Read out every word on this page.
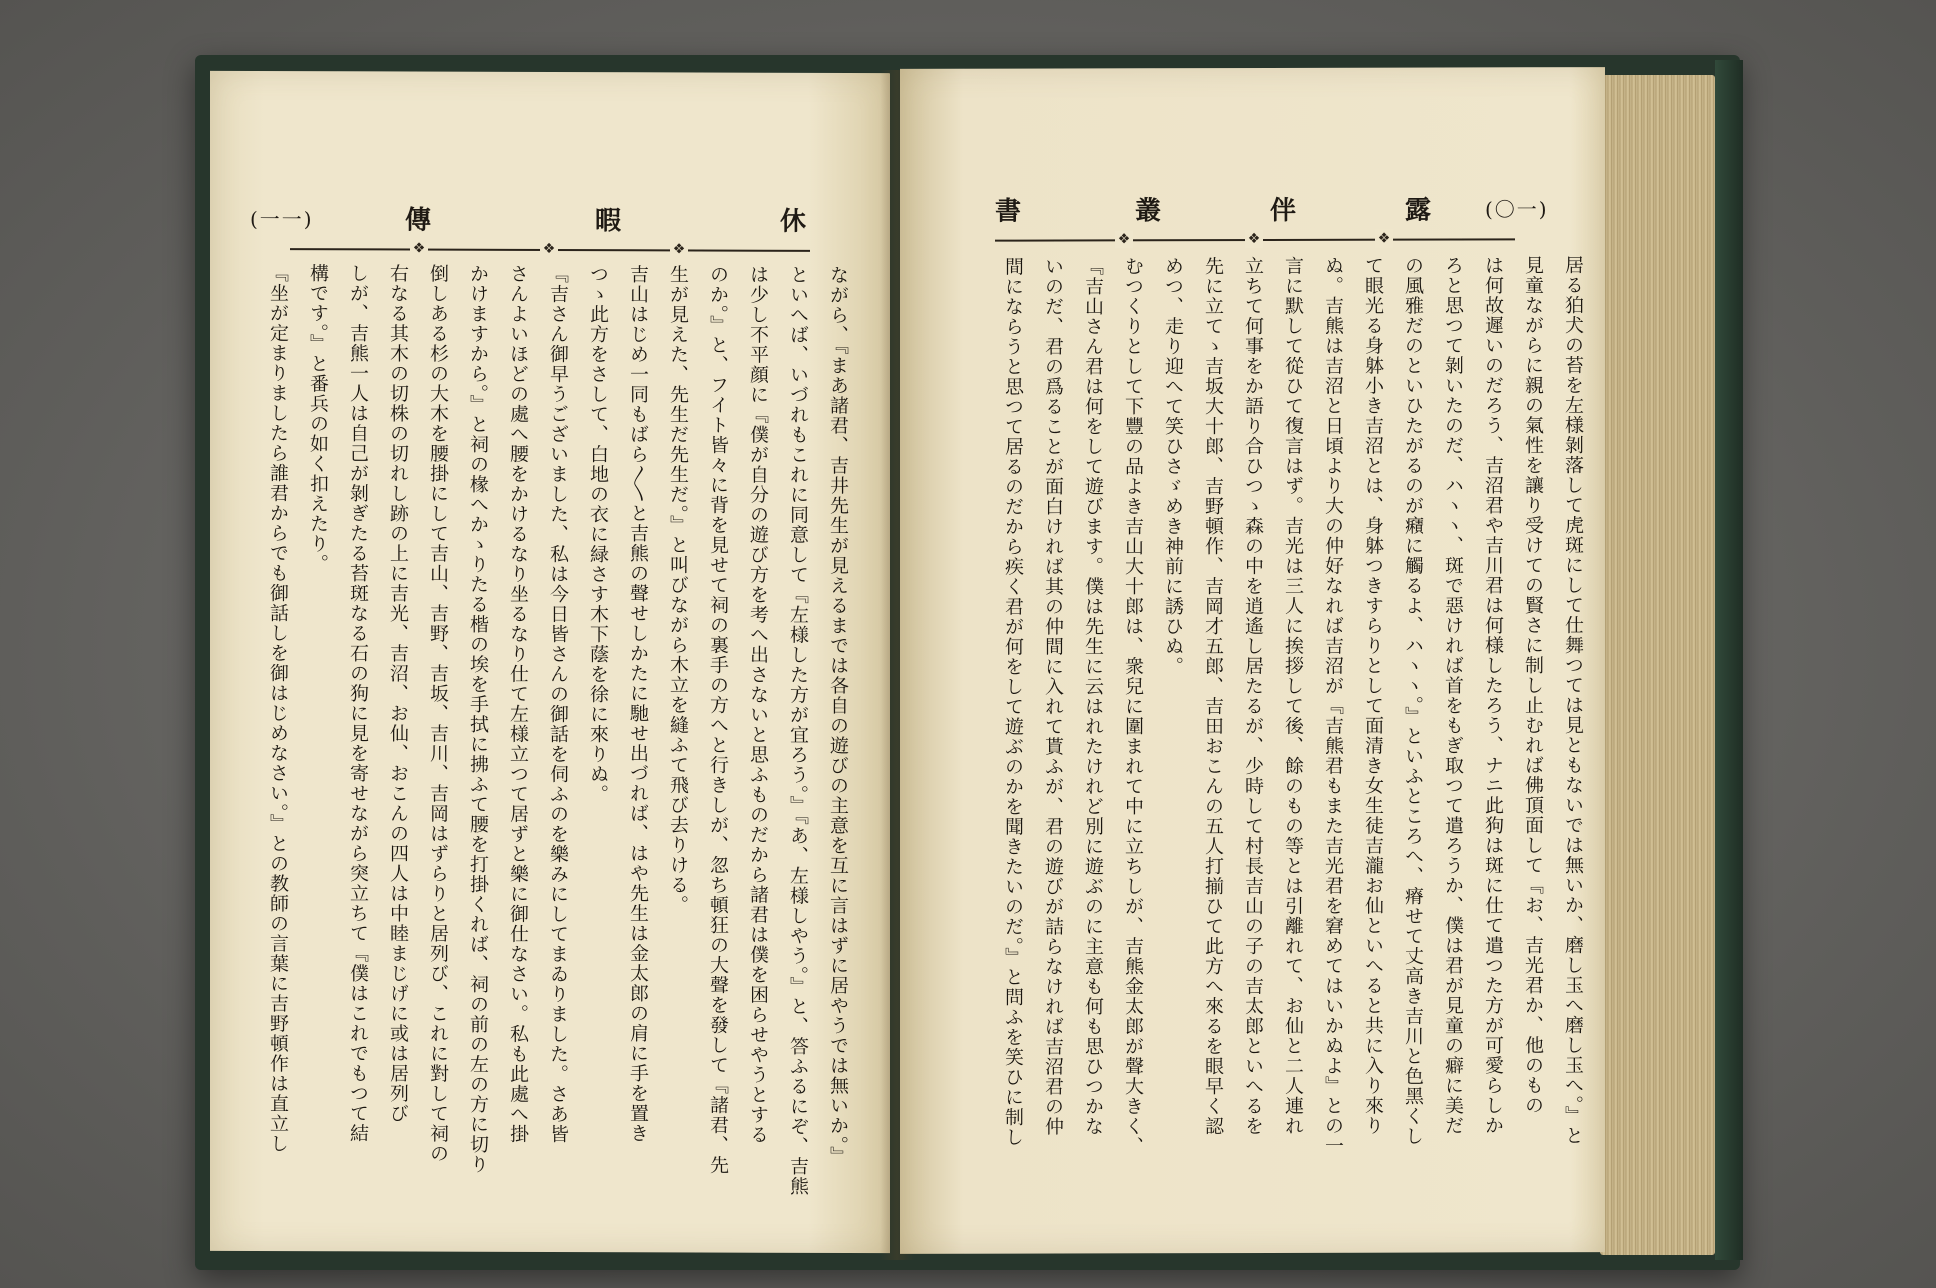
(一一)	傳	暇	休
❖	❖	❖
ながら、『まあ諸君、吉井先生が見えるまでは各自の遊びの主意を互に言はずに居やうでは無いか。』
といへば、いづれもこれに同意して『左様した方が宜ろう。』『あ、左様しやう。』と、答ふるにぞ、吉熊
は少し不平顔に『僕が自分の遊び方を考へ出さないと思ふものだから諸君は僕を困らせやうとする
のか。』と、フイト皆々に背を見せて祠の裏手の方へと行きしが、忽ち頓狂の大聲を發して『諸君、先
生が見えた、先生だ先生だ。』と叫びながら木立を縫ふて飛び去りける。
吉山はじめ一同もばら〳〵と吉熊の聲せしかたに馳せ出づれば、はや先生は金太郎の肩に手を置き
つゝ此方をさして、白地の衣に緑さす木下蔭を徐に來りぬ。
『吉さん御早うございました、私は今日皆さんの御話を伺ふのを樂みにしてまゐりました。さあ皆
さんよいほどの處へ腰をかけるなり坐るなり仕て左様立つて居ずと樂に御仕なさい。私も此處へ掛
かけますから。』と祠の椽へかゝりたる楷の埃を手拭に拂ふて腰を打掛くれば、祠の前の左の方に切り
倒しある杉の大木を腰掛にして吉山、吉野、吉坂、吉川、吉岡はずらりと居列び、これに對して祠の
右なる其木の切株の切れし跡の上に吉光、吉沼、お仙、おこんの四人は中睦まじげに或は居列び
しが、吉熊一人は自己が剝ぎたる苔斑なる石の狗に見を寄せながら突立ちて『僕はこれでもつて結
構です。』と番兵の如く扣えたり。
『坐が定まりましたら誰君からでも御話しを御はじめなさい。』との教師の言葉に吉野頓作は直立し
書	叢	伴	露	(〇一)
❖	❖	❖
居る狛犬の苔を左様剝落して虎斑にして仕舞つては見ともないでは無いか、磨し玉へ磨し玉へ。』と
見童ながらに親の氣性を讓り受けての賢さに制し止むれば佛頂面して『お、吉光君か、他のもの
は何故遲いのだろう、吉沼君や吉川君は何様したろう、ナニ此狗は斑に仕て遣つた方が可愛らしか
ろと思つて剝いたのだ、ハヽヽ、斑で惡ければ首をもぎ取つて遣ろうか、僕は君が見童の癖に美だ
の風雅だのといひたがるのが癪に觸るよ、ハヽヽ。』といふところへ、瘠せて丈高き吉川と色黑くし
て眼光る身躰小き吉沼とは、身躰つきすらりとして面清き女生徒吉瀧お仙といへると共に入り來り
ぬ。吉熊は吉沼と日頃より大の仲好なれば吉沼が『吉熊君もまた吉光君を窘めてはいかぬよ』との一
言に默して從ひて復言はず。吉光は三人に挨拶して後、餘のもの等とは引離れて、お仙と二人連れ
立ちて何事をか語り合ひつゝ森の中を逍遙し居たるが、少時して村長吉山の子の吉太郎といへるを
先に立てゝ吉坂大十郎、吉野頓作、吉岡才五郎、吉田おこんの五人打揃ひて此方へ來るを眼早く認
めつ、走り迎へて笑ひさゞめき神前に誘ひぬ。
むつくりとして下豐の品よき吉山大十郎は、衆兒に圍まれて中に立ちしが、吉熊金太郎が聲大きく、
『吉山さん君は何をして遊びます。僕は先生に云はれたけれど別に遊ぶのに主意も何も思ひつかな
いのだ、君の爲ることが面白ければ其の仲間に入れて貰ふが、君の遊びが詰らなければ吉沼君の仲
間にならうと思つて居るのだから疾く君が何をして遊ぶのかを聞きたいのだ。』と問ふを笑ひに制し
